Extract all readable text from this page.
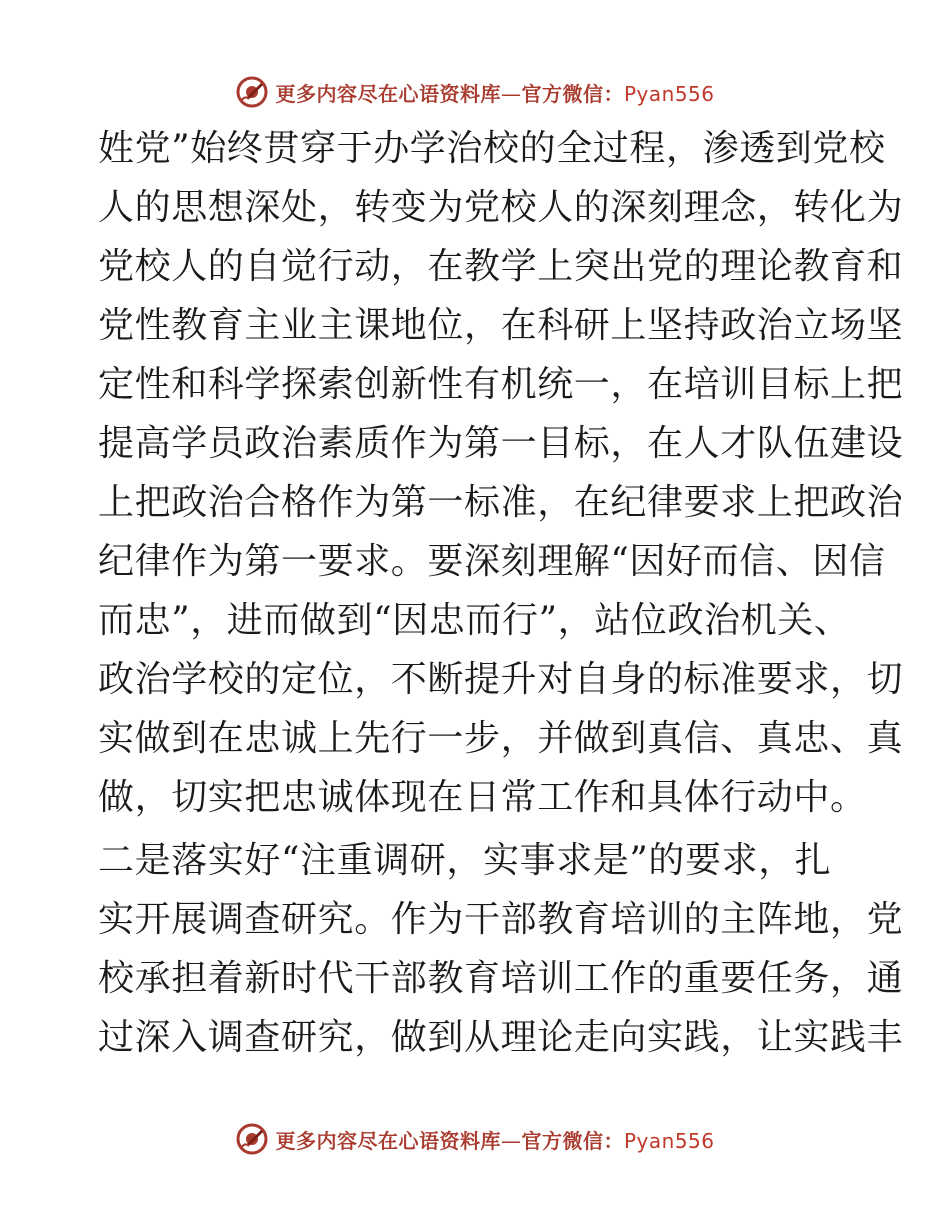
更多内容尽在心语资料库—官方微信：Pyan556
姓党”始终贯穿于办学治校的全过程，渗透到党校
人的思想深处，转变为党校人的深刻理念，转化为
党校人的自觉行动，在教学上突出党的理论教育和
党性教育主业主课地位，在科研上坚持政治立场坚
定性和科学探索创新性有机统一，在培训目标上把
提高学员政治素质作为第一目标，在人才队伍建设
上把政治合格作为第一标准，在纪律要求上把政治
纪律作为第一要求。要深刻理解“因好而信、因信
而忠”，进而做到“因忠而行”，站位政治机关、
政治学校的定位，不断提升对自身的标准要求，切
实做到在忠诚上先行一步，并做到真信、真忠、真
做，切实把忠诚体现在日常工作和具体行动中。
二是落实好“注重调研，实事求是”的要求，扎
实开展调查研究。作为干部教育培训的主阵地，党
校承担着新时代干部教育培训工作的重要任务，通
过深入调查研究，做到从理论走向实践，让实践丰
更多内容尽在心语资料库—官方微信：Pyan556
